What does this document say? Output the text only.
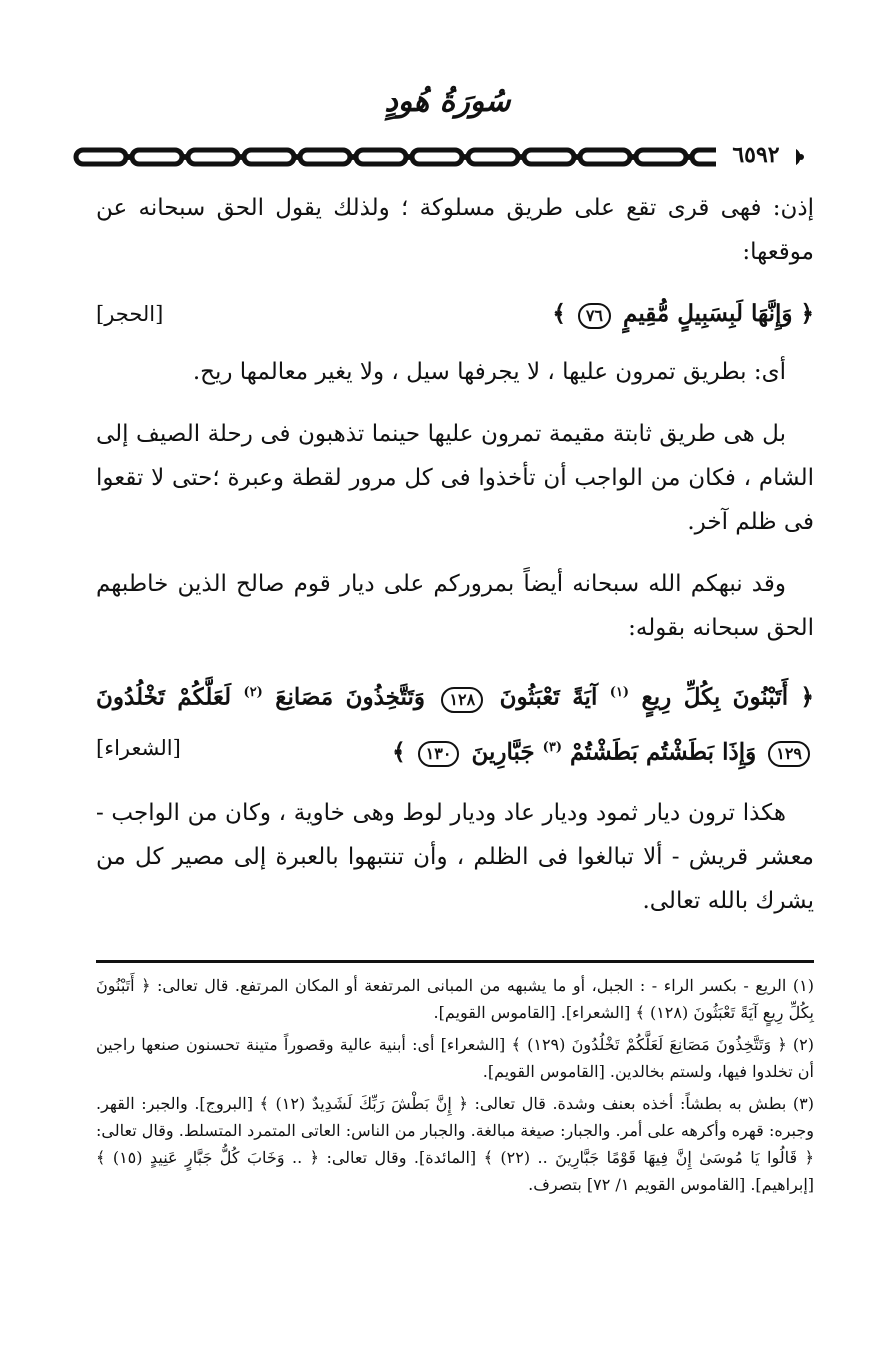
سُورَةُ هُودٍ
٦٥٩٢

إذن: فهى قرى تقع على طريق مسلوكة ؛ ولذلك يقول الحق سبحانه عن موقعها:

﴿ وَإِنَّهَا لَبِسَبِيلٍ مُّقِيمٍ ٧٦ ﴾
[الحجر]

أى: بطريق تمرون عليها ، لا يجرفها سيل ، ولا يغير معالمها ريح.

بل هى طريق ثابتة مقيمة تمرون عليها حينما تذهبون فى رحلة الصيف إلى الشام ، فكان من الواجب أن تأخذوا فى كل مرور لقطة وعبرة ؛حتى لا تقعوا فى ظلم آخر.

وقد نبهكم الله سبحانه أيضاً بمروركم على ديار قوم صالح الذين خاطبهم الحق سبحانه بقوله:

﴿ أَتَبْنُونَ بِكُلِّ رِيعٍ $^{(١)}$ آيَةً تَعْبَثُونَ ١٢٨ وَتَتَّخِذُونَ مَصَانِعَ $^{(٢)}$ لَعَلَّكُمْ تَخْلُدُونَ ١٢٩ وَإِذَا بَطَشْتُم بَطَشْتُمْ $^{(٣)}$ جَبَّارِينَ ١٣٠ ﴾
[الشعراء]

هكذا ترون ديار ثمود وديار عاد وديار لوط وهى خاوية ، وكان من الواجب - معشر قريش - ألا تبالغوا فى الظلم ، وأن تنتبهوا بالعبرة إلى مصير كل من يشرك بالله تعالى.

(١) الريع - بكسر الراء - : الجبل، أو ما يشبهه من المبانى المرتفعة أو المكان المرتفع. قال تعالى: ﴿ أَتَبْنُونَ بِكُلِّ رِيعٍ آيَةً تَعْبَثُونَ (١٢٨) ﴾ [الشعراء]. [القاموس القويم].

(٢) ﴿ وَتَتَّخِذُونَ مَصَانِعَ لَعَلَّكُمْ تَخْلُدُونَ (١٢٩) ﴾ [الشعراء] أى: أبنية عالية وقصوراً متينة تحسنون صنعها راجين أن تخلدوا فيها، ولستم بخالدين. [القاموس القويم].

(٣) بطش به بطشاً: أخذه بعنف وشدة. قال تعالى: ﴿ إِنَّ بَطْشَ رَبِّكَ لَشَدِيدٌ (١٢) ﴾ [البروج]. والجبر: القهر. وجبره: قهره وأكرهه على أمر. والجبار: صيغة مبالغة. والجبار من الناس: العاتى المتمرد المتسلط. وقال تعالى: ﴿ قَالُوا يَا مُوسَىٰ إِنَّ فِيهَا قَوْمًا جَبَّارِينَ .. (٢٢) ﴾ [المائدة]. وقال تعالى: ﴿ .. وَخَابَ كُلُّ جَبَّارٍ عَنِيدٍ (١٥) ﴾ [إبراهيم]. [القاموس القويم ١/ ٧٢] بتصرف.
